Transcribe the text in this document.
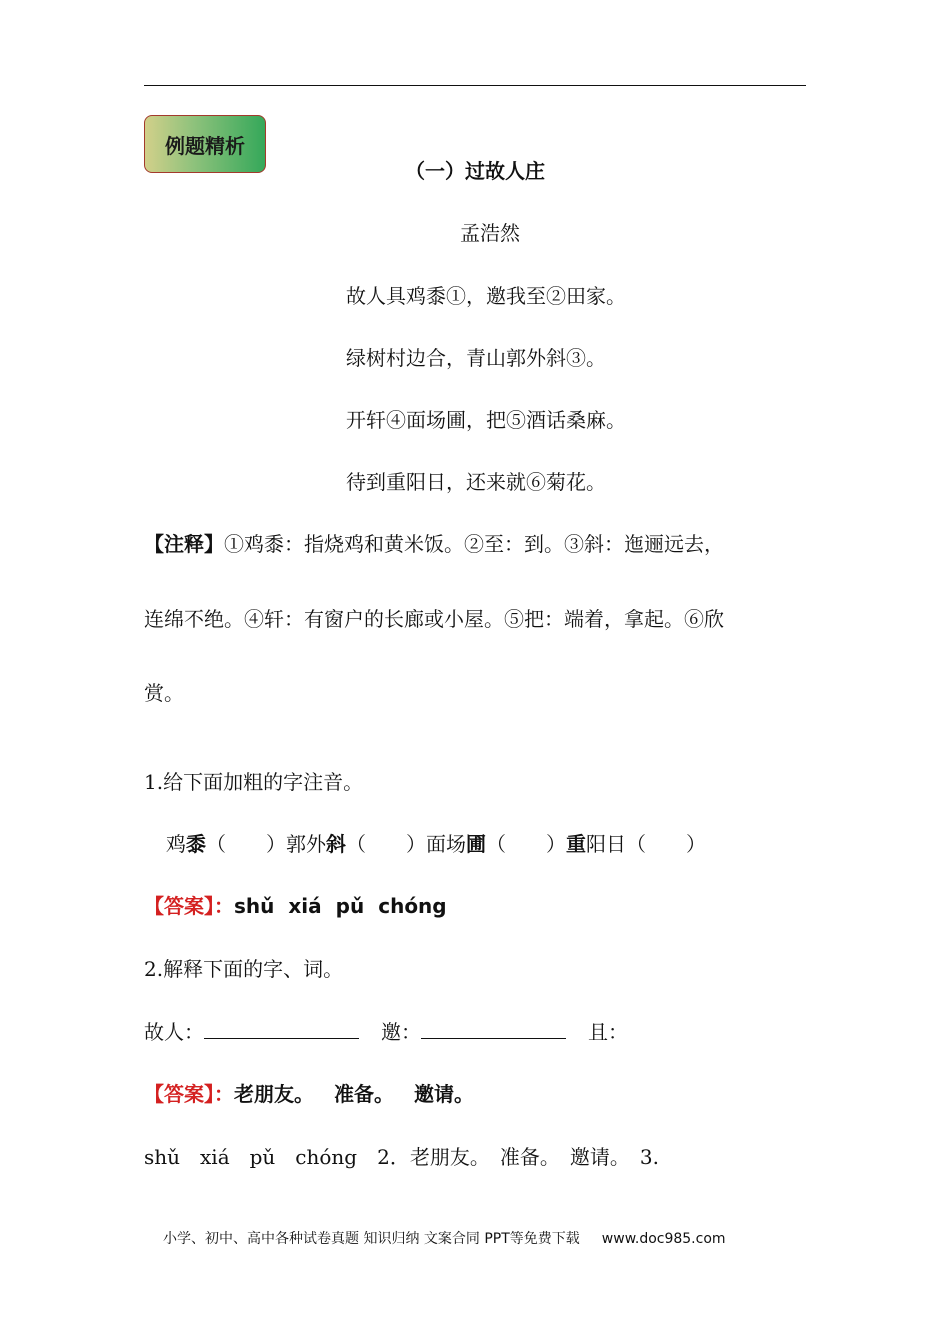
例题精析
（一）过故人庄
孟浩然
故人具鸡黍①，邀我至②田家。
绿树村边合，青山郭外斜③。
开轩④面场圃，把⑤酒话桑麻。
待到重阳日，还来就⑥菊花。
【注释】①鸡黍：指烧鸡和黄米饭。②至：到。③斜：迤逦远去，
连绵不绝。④轩：有窗户的长廊或小屋。⑤把：端着，拿起。⑥欣
赏。
1.给下面加粗的字注音。
鸡黍（　　）郭外斜（　　）面场圃（　　）重阳日（　　）
【答案】：shǔ xiá pǔ chóng
2.解释下面的字、词。
故人：	邀：	且：
【答案】：老朋友。 准备。 邀请。
shǔ　xiá　pǔ　chóng　2．老朋友。　准备。　邀请。　3.
小学、初中、高中各种试卷真题 知识归纳 文案合同 PPT等免费下载 www.doc985.com
